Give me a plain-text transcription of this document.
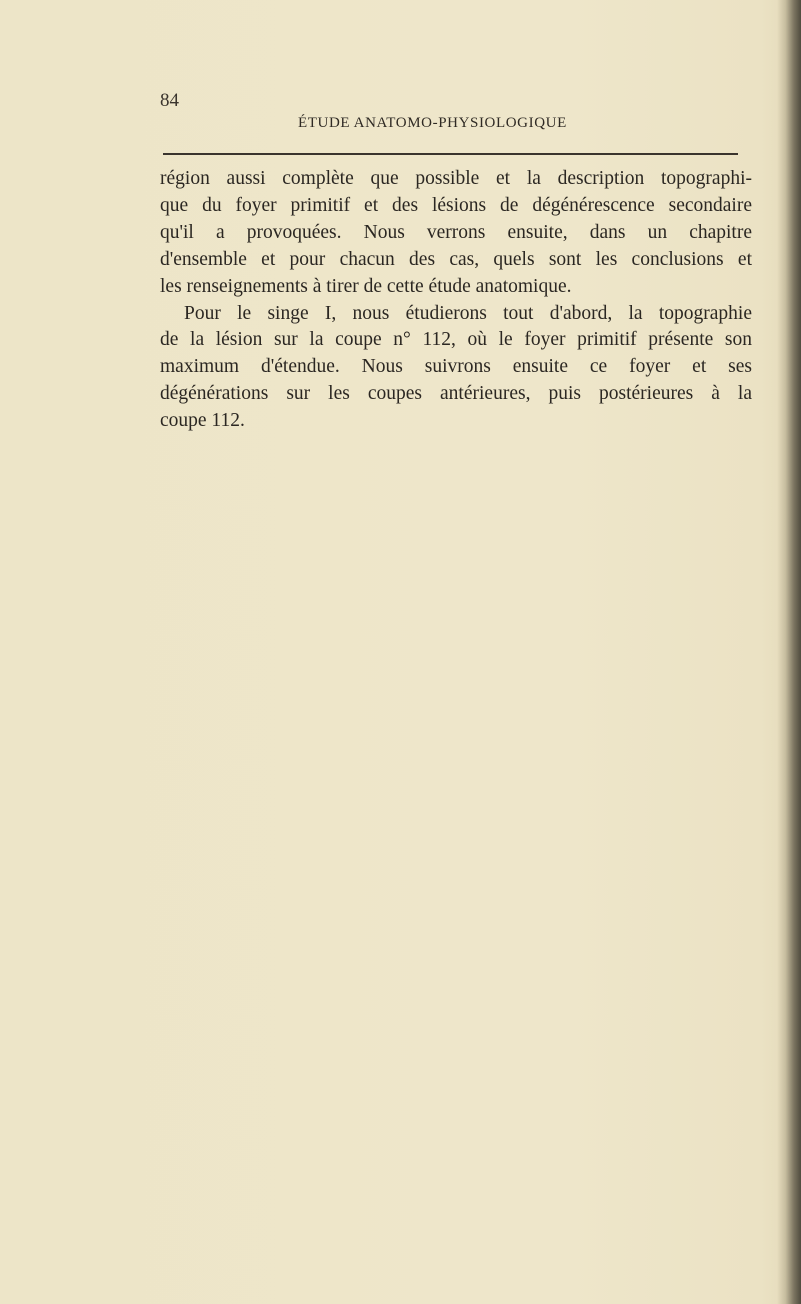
84
ÉTUDE ANATOMO-PHYSIOLOGIQUE
région aussi complète que possible et la description topographi-
que du foyer primitif et des lésions de dégénérescence secondaire
qu'il a provoquées. Nous verrons ensuite, dans un chapitre
d'ensemble et pour chacun des cas, quels sont les conclusions et
les renseignements à tirer de cette étude anatomique.
Pour le singe I, nous étudierons tout d'abord, la topographie
de la lésion sur la coupe n° 112, où le foyer primitif présente son
maximum d'étendue. Nous suivrons ensuite ce foyer et ses
dégénérations sur les coupes antérieures, puis postérieures à la
coupe 112.
